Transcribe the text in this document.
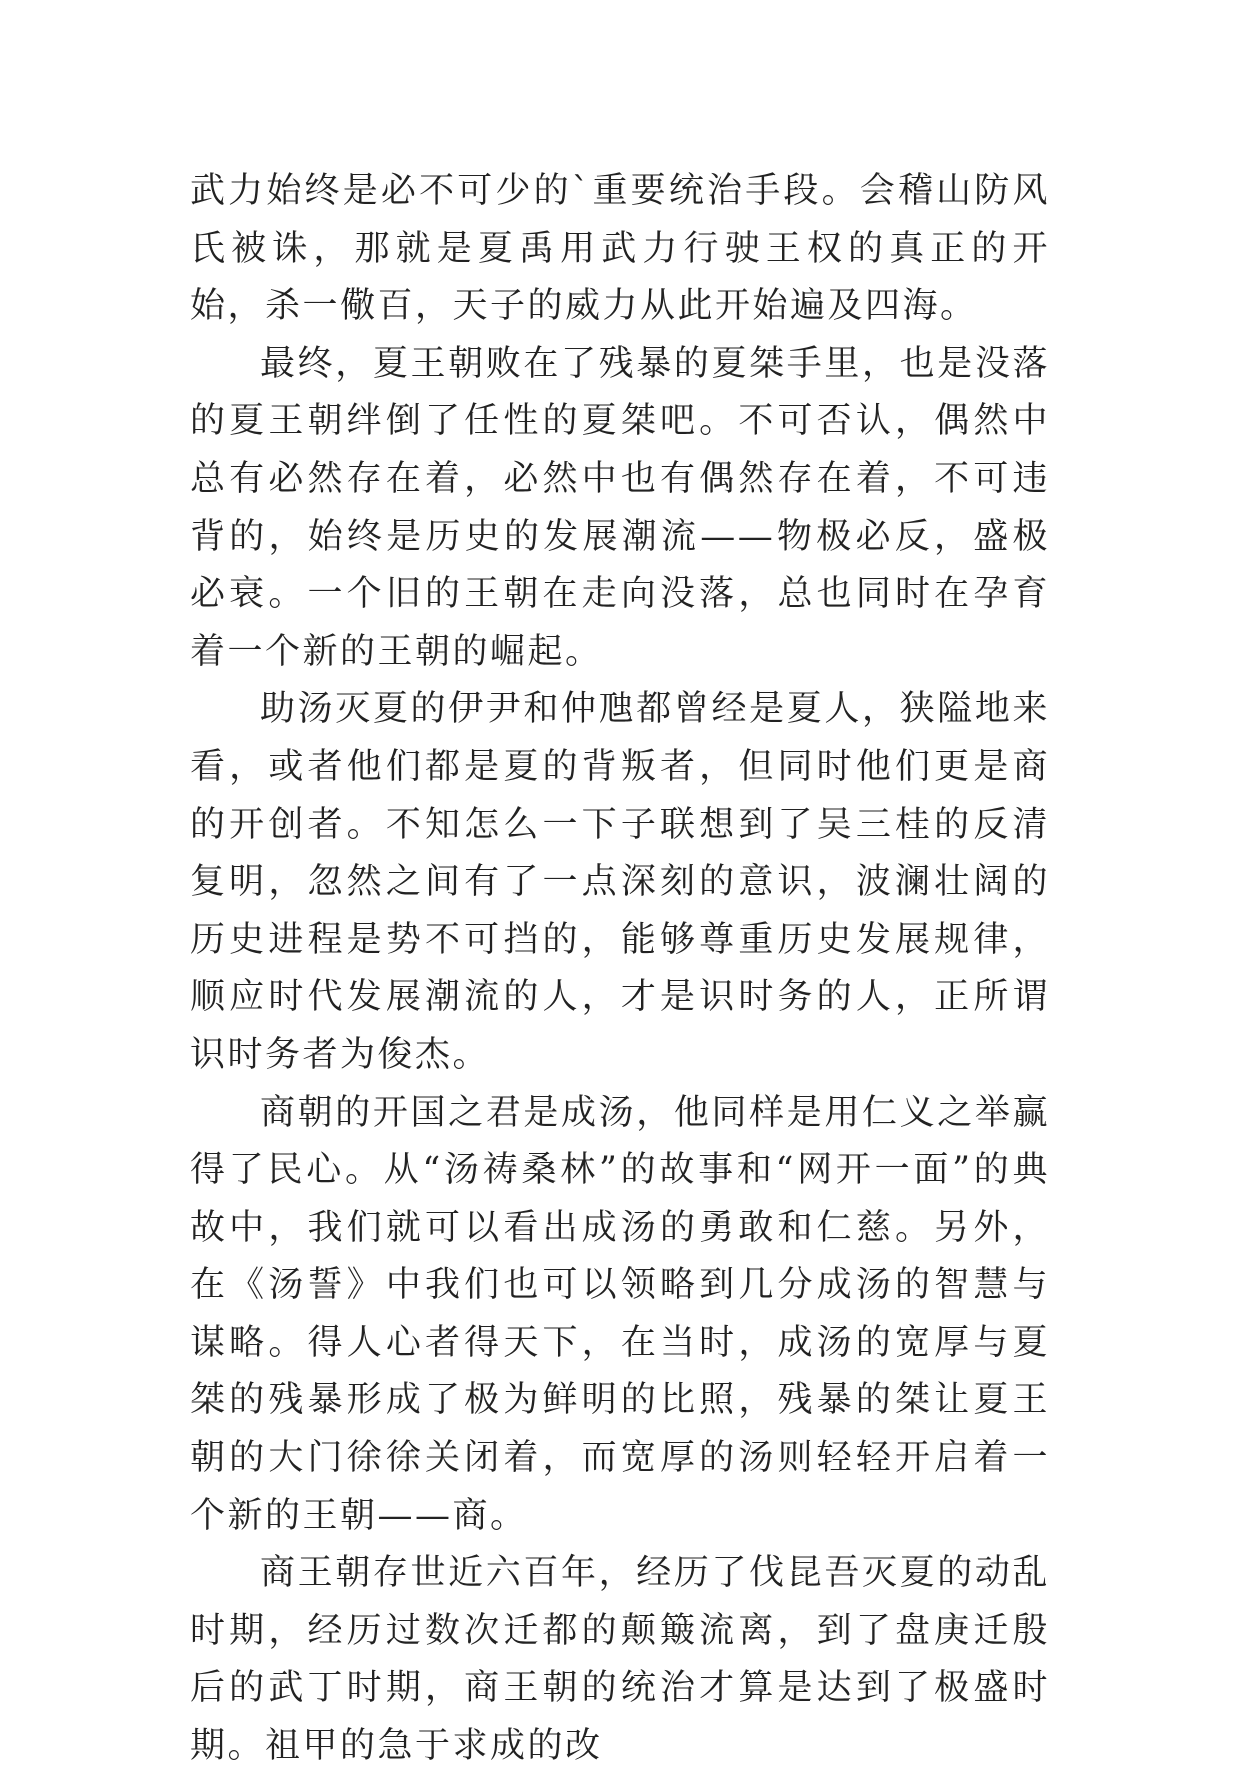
武力始终是必不可少的`重要统治手段。会稽山防风氏被诛，那就是夏禹用武力行驶王权的真正的开始，杀一儆百，天子的威力从此开始遍及四海。

最终，夏王朝败在了残暴的夏桀手里，也是没落的夏王朝绊倒了任性的夏桀吧。不可否认，偶然中总有必然存在着，必然中也有偶然存在着，不可违背的，始终是历史的发展潮流——物极必反，盛极必衰。一个旧的王朝在走向没落，总也同时在孕育着一个新的王朝的崛起。

助汤灭夏的伊尹和仲虺都曾经是夏人，狭隘地来看，或者他们都是夏的背叛者，但同时他们更是商的开创者。不知怎么一下子联想到了吴三桂的反清复明，忽然之间有了一点深刻的意识，波澜壮阔的历史进程是势不可挡的，能够尊重历史发展规律，顺应时代发展潮流的人，才是识时务的人，正所谓识时务者为俊杰。

商朝的开国之君是成汤，他同样是用仁义之举赢得了民心。从“汤祷桑林”的故事和“网开一面”的典故中，我们就可以看出成汤的勇敢和仁慈。另外，在《汤誓》中我们也可以领略到几分成汤的智慧与谋略。得人心者得天下，在当时，成汤的宽厚与夏桀的残暴形成了极为鲜明的比照，残暴的桀让夏王朝的大门徐徐关闭着，而宽厚的汤则轻轻开启着一个新的王朝——商。

商王朝存世近六百年，经历了伐昆吾灭夏的动乱时期，经历过数次迁都的颠簸流离，到了盘庚迁殷后的武丁时期，商王朝的统治才算是达到了极盛时期。祖甲的急于求成的改
